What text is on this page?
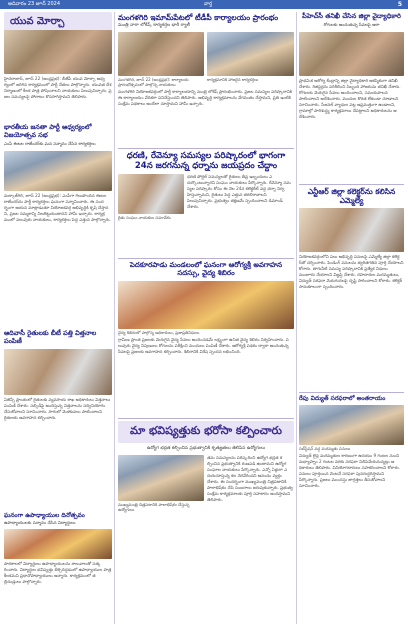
ఆదివారం 23 జూన్ 2024	వార్త	5
యువ మోర్చా
హైదరాబాద్, జూన్ 22 (ఆంధ్రప్రభ): బీజేపీ యువ మోర్చా ఆధ్వర్యంలో జరిగిన కార్యక్రమంలో పార్టీ నేతలు పాల్గొన్నారు. యువత దేశ నిర్మాణంలో కీలక పాత్ర పోషించాలని నాయకులు పిలుపునిచ్చారు. ప్రజల సమస్యలపై పోరాటం కొనసాగిస్తామని తెలిపారు.
భారతీయ జనతా పార్టీ ఆధ్వర్యంలో విజయోత్సవ సభ
ఎంపీ ఈటల రాజేందర్‌కు ఘన సన్మానం చేసిన కార్యకర్తలు
మల్కాజ్‌గిరి, జూన్ 22 (ఆంధ్రప్రభ): ఎంపీగా గెలుపొందిన ఈటల రాజేందర్‌ను పార్టీ కార్యకర్తలు ఘనంగా సన్మానించారు. ఈ సందర్భంగా ఆయన మాట్లాడుతూ నియోజకవర్గ అభివృద్ధికి కృషి చేస్తానని, ప్రజల నమ్మకాన్ని నిలబెట్టుకుంటానని హామీ ఇచ్చారు. కార్యక్రమంలో పలువురు నాయకులు, కార్యకర్తలు పెద్ద ఎత్తున పాల్గొన్నారు.
ఆదివాసీ రైతులకు బీటీ పత్తి విత్తనాల పంపిణీ
ఏజెన్సీ ప్రాంతంలో రైతులకు వ్యవసాయ శాఖ అధికారులు విత్తనాలు పంపిణీ చేశారు. సబ్సిడీపై అందిస్తున్న విత్తనాలను సద్వినియోగం చేసుకోవాలని సూచించారు. సాగులో మెళకువలు పాటించాలని రైతులకు అవగాహన కల్పించారు.
ఘనంగా ఉపాధ్యాయుల దినోత్సవం
ఉపాధ్యాయులకు సన్మానం చేసిన విద్యార్థులు
పాఠశాలలో విద్యార్థులు ఉపాధ్యాయులను శాలువాలతో సత్కరించారు. విద్యార్థుల భవిష్యత్తు తీర్చిదిద్దడంలో ఉపాధ్యాయుల పాత్ర కీలకమని ప్రధానోపాధ్యాయులు అన్నారు. కార్యక్రమంలో తల్లిదండ్రులు పాల్గొన్నారు.
మంగళగిరి ఇమామ్‌పేటలో టీడీపీ కార్యాలయం ప్రారంభం
మంత్రి నారా లోకేష్, కార్యకర్తల భారీ ర్యాలీ
మంగళగిరి, జూన్ 22 (ఆంధ్రప్రభ): కార్యాలయ ప్రారంభోత్సవంలో పాల్గొన్న నాయకులు
కార్యక్రమానికి హాజరైన కార్యకర్తలు
మంగళగిరి నియోజకవర్గంలో పార్టీ కార్యాలయాన్ని మంత్రి లోకేష్ ప్రారంభించారు. ప్రజల సమస్యల పరిష్కారానికి ఈ కార్యాలయం వేదికగా పనిచేస్తుందని తెలిపారు. అభివృద్ధి కార్యక్రమాలను వేగవంతం చేస్తామని, ప్రతి ఇంటికి సంక్షేమ పథకాలు అందేలా చూస్తామని హామీ ఇచ్చారు.
ధరణి, రేవెన్యూ సమస్యల పరిష్కారంలో భాగంగా 24న జరగనున్న ధర్నాను జయప్రదం చేద్దాం
రైతు సంఘం నాయకుల సమావేశం
ధరణి పోర్టల్ సమస్యలతో రైతులు తీవ్ర ఇబ్బందులు ఎదుర్కొంటున్నారని సంఘం నాయకులు పేర్కొన్నారు. రేవెన్యూ సమస్యల పరిష్కారం కోసం ఈ నెల 24న కలెక్టరేట్ వద్ద ధర్నా నిర్వహిస్తున్నామని, రైతులు పెద్ద ఎత్తున తరలిరావాలని పిలుపునిచ్చారు. ప్రభుత్వం తక్షణమే స్పందించాలని డిమాండ్ చేశారు.
పెదకూరపాడు మండలంలో ఘనంగా ఆరోగ్యశ్రీ అవగాహన సదస్సు, వైద్య శిబిరం
వైద్య శిబిరంలో పాల్గొన్న అధికారులు, ప్రజాప్రతినిధులు
గ్రామీణ ప్రాంత ప్రజలకు మెరుగైన వైద్య సేవలు అందించడమే లక్ష్యంగా ఉచిత వైద్య శిబిరం నిర్వహించారు. పలువురు వైద్య నిపుణులు రోగులను పరీక్షించి మందులు పంపిణీ చేశారు. ఆరోగ్యశ్రీ పథకం ద్వారా అందుతున్న సేవలపై ప్రజలకు అవగాహన కల్పించారు. శిబిరానికి విశేష స్పందన లభించింది.
మా భవిష్యత్తుకు భరోసా కల్పించారు
ఉద్యోగ భద్రత కల్పించిన ప్రభుత్వానికి కృతజ్ఞతలు తెలిపిన ఉద్యోగులు
ముఖ్యమంత్రి చిత్రపటానికి పాలాభిషేకం చేస్తున్న ఉద్యోగులు
తమ సమస్యలను పరిష్కరించి ఉద్యోగ భద్రత కల్పించిన ప్రభుత్వానికి రుణపడి ఉంటామని ఉద్యోగ సంఘాల నాయకులు పేర్కొన్నారు. ఎన్నో ఏళ్లుగా ఎదురుచూస్తున్న కల నెరవేరిందని ఆనందం వ్యక్తం చేశారు. ఈ సందర్భంగా ముఖ్యమంత్రి చిత్రపటానికి పాలాభిషేకం చేసి సంబరాలు జరుపుకున్నారు. ప్రభుత్వ సంక్షేమ కార్యక్రమాలకు పూర్తి సహకారం అందిస్తామని తెలిపారు.
పీహెచ్‌సీ తనిఖీ చేసిన జిల్లా వైద్యాధికారి
రోగులకు అందుతున్న సేవలపై ఆరా
ప్రాథమిక ఆరోగ్య కేంద్రాన్ని జిల్లా వైద్యాధికారి ఆకస్మికంగా తనిఖీ చేశారు. రిజిస్టర్లను పరిశీలించి సిబ్బంది హాజరును తనిఖీ చేశారు. రోగులకు మెరుగైన సేవలు అందించాలని, సమయపాలన పాటించాలని ఆదేశించారు. మందుల కొరత లేకుండా చూడాలని సూచించారు. సీజనల్ వ్యాధుల పట్ల అప్రమత్తంగా ఉండాలని, గ్రామాల్లో పారిశుద్ధ్య కార్యక్రమాలు చేపట్టాలని అధికారులను ఆదేశించారు.
ఎన్టీఆర్ జిల్లా కలెక్టర్‌ను కలిసిన ఎమ్మెల్యే
నియోజకవర్గంలోని పలు అభివృద్ధి పనులపై ఎమ్మెల్యే జిల్లా కలెక్టర్‌తో చర్చించారు. పెండింగ్ పనులను త్వరితగతిన పూర్తి చేయాలని కోరారు. తాగునీటి సమస్య పరిష్కారానికి ప్రత్యేక నిధులు మంజూరు చేయాలని విజ్ఞప్తి చేశారు. రహదారుల మరమ్మతులు, విద్యుత్ సరఫరా మెరుగుదలపై దృష్టి సారించాలని కోరారు. కలెక్టర్ సానుకూలంగా స్పందించారు.
రేపు విద్యుత్ సరఫరాలో అంతరాయం
సబ్‌స్టేషన్ వద్ద మరమ్మతు పనులు
విద్యుత్ లైన్ల మరమ్మతుల కారణంగా ఉదయం 9 గంటల నుంచి మధ్యాహ్నం 2 గంటల వరకు సరఫరా నిలిపివేయనున్నట్లు అధికారులు తెలిపారు. వినియోగదారులు సహకరించాలని కోరారు. పనులు పూర్తయిన వెంటనే సరఫరా పునరుద్ధరిస్తామని పేర్కొన్నారు. ప్రజలు ముందస్తు జాగ్రత్తలు తీసుకోవాలని సూచించారు.
